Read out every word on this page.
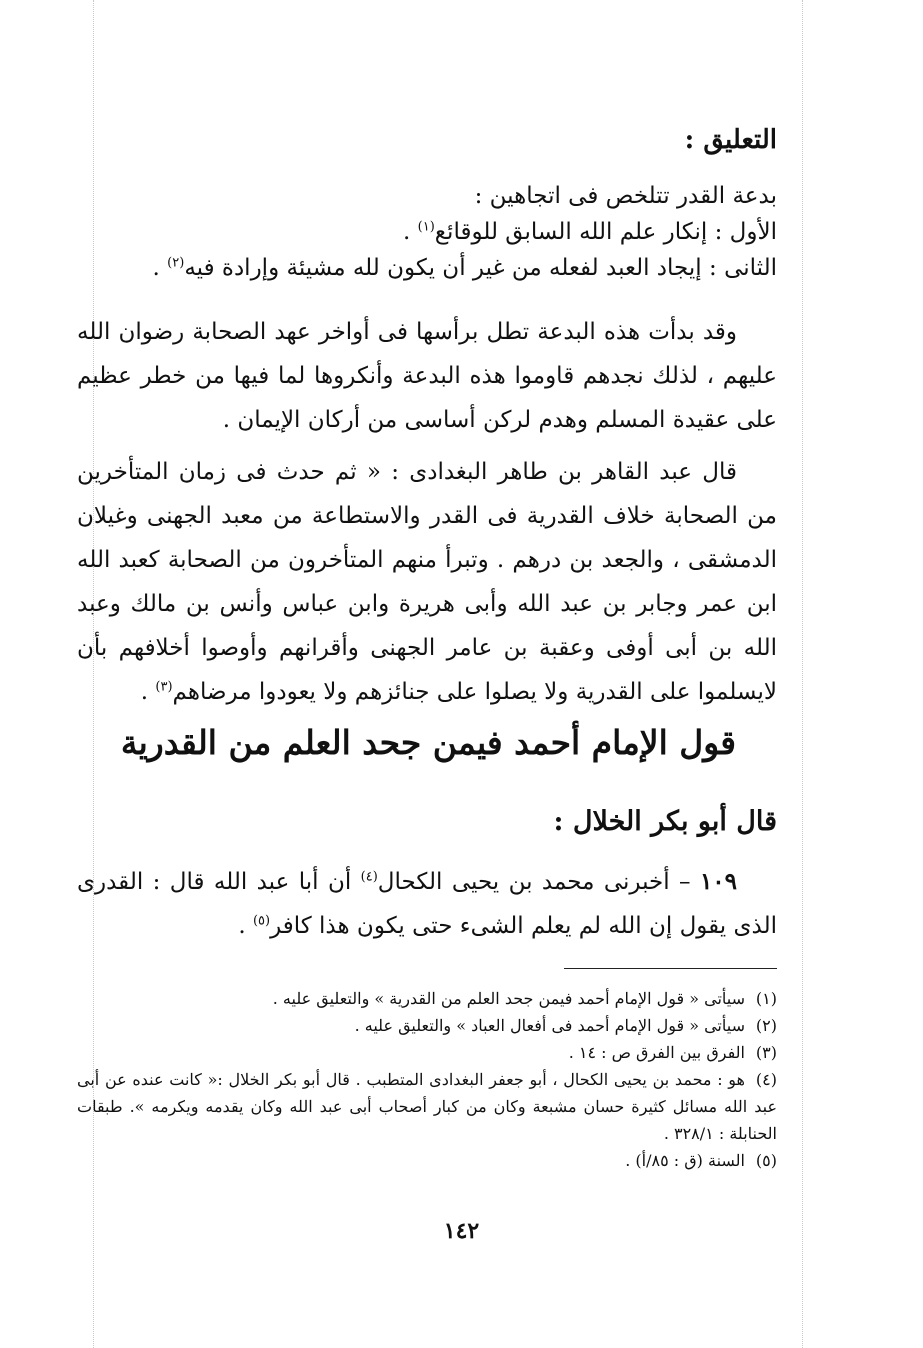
التعليق :

بدعة القدر تتلخص فى اتجاهين :

الأول : إنكار علم الله السابق للوقائع$^{(١)}$ .

الثانى : إيجاد العبد لفعله من غير أن يكون لله مشيئة وإرادة فيه$^{(٢)}$ .

وقد بدأت هذه البدعة تطل برأسها فى أواخر عهد الصحابة رضوان الله عليهم ، لذلك نجدهم قاوموا هذه البدعة وأنكروها لما فيها من خطر عظيم على عقيدة المسلم وهدم لركن أساسى من أركان الإيمان .

قال عبد القاهر بن طاهر البغدادى : « ثم حدث فى زمان المتأخرين من الصحابة خلاف القدرية فى القدر والاستطاعة من معبد الجهنى وغيلان الدمشقى ، والجعد بن درهم . وتبرأ منهم المتأخرون من الصحابة كعبد الله ابن عمر وجابر بن عبد الله وأبى هريرة وابن عباس وأنس بن مالك وعبد الله بن أبى أوفى وعقبة بن عامر الجهنى وأقرانهم وأوصوا أخلافهم بأن لايسلموا على القدرية ولا يصلوا على جنائزهم ولا يعودوا مرضاهم$^{(٣)}$ .

قول الإمام أحمد فيمن جحد العلم من القدرية
قال أبو بكر الخلال :

١٠٩ – أخبرنى محمد بن يحيى الكحال$^{(٤)}$ أن أبا عبد الله قال : القدرى الذى يقول إن الله لم يعلم الشىء حتى يكون هذا كافر$^{(٥)}$ .

(١)سيأتى « قول الإمام أحمد فيمن جحد العلم من القدرية » والتعليق عليه .

(٢)سيأتى « قول الإمام أحمد فى أفعال العباد » والتعليق عليه .

(٣)الفرق بين الفرق ص : ١٤ .

(٤)هو : محمد بن يحيى الكحال ، أبو جعفر البغدادى المتطبب . قال أبو بكر الخلال :« كانت عنده عن أبى عبد الله مسائل كثيرة حسان مشبعة وكان من كبار أصحاب أبى عبد الله وكان يقدمه ويكرمه ». طبقات الحنابلة : ٣٢٨/١ .

(٥)السنة (ق : ٨٥/أ) .

١٤٢
